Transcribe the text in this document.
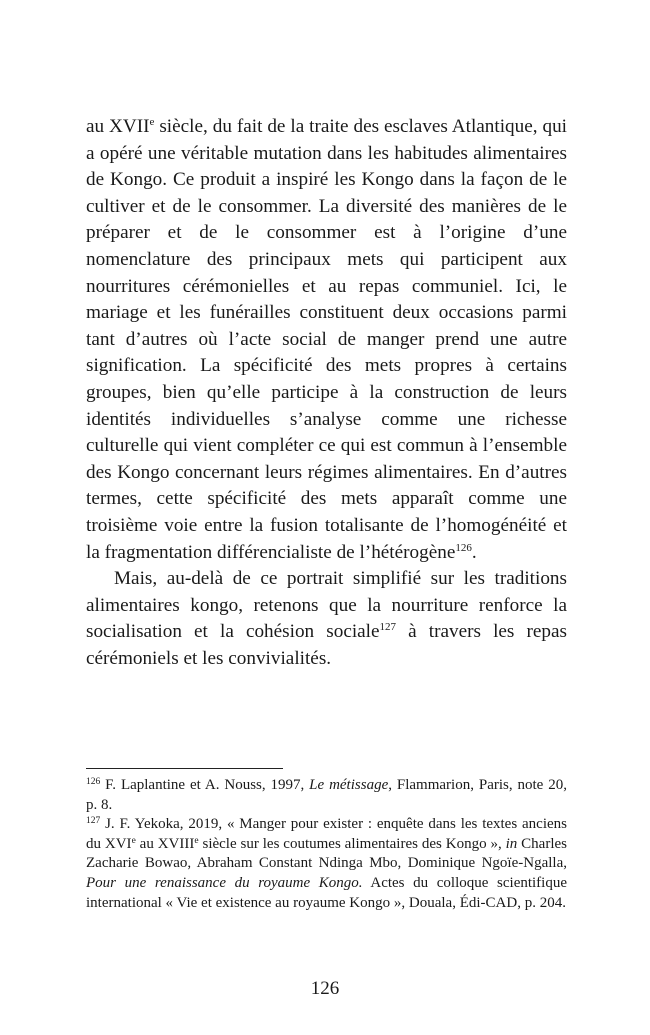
au XVIIe siècle, du fait de la traite des esclaves Atlantique, qui a opéré une véritable mutation dans les habitudes alimentaires de Kongo. Ce produit a inspiré les Kongo dans la façon de le cultiver et de le consommer. La diversité des manières de le préparer et de le consommer est à l’origine d’une nomenclature des principaux mets qui participent aux nourritures cérémonielles et au repas communiel. Ici, le mariage et les funérailles constituent deux occasions parmi tant d’autres où l’acte social de manger prend une autre signification. La spécificité des mets propres à certains groupes, bien qu’elle participe à la construction de leurs identités individuelles s’analyse comme une richesse culturelle qui vient compléter ce qui est commun à l’ensemble des Kongo concernant leurs régimes alimentaires. En d’autres termes, cette spécificité des mets apparaît comme une troisième voie entre la fusion totalisante de l’homogénéité et la fragmentation différencialiste de l’hétérogène$^{126}$.

Mais, au-delà de ce portrait simplifié sur les traditions alimentaires kongo, retenons que la nourriture renforce la socialisation et la cohésion sociale$^{127}$ à travers les repas cérémoniels et les convivialités.

$^{126}$ F. Laplantine et A. Nouss, 1997, Le métissage, Flammarion, Paris, note 20, p. 8.

$^{127}$ J. F. Yekoka, 2019, « Manger pour exister : enquête dans les textes anciens du XVIe au XVIIIe siècle sur les coutumes alimentaires des Kongo », in Charles Zacharie Bowao, Abraham Constant Ndinga Mbo, Dominique Ngoïe-Ngalla, Pour une renaissance du royaume Kongo. Actes du colloque scientifique international « Vie et existence au royaume Kongo », Douala, Édi-CAD, p. 204.

126
